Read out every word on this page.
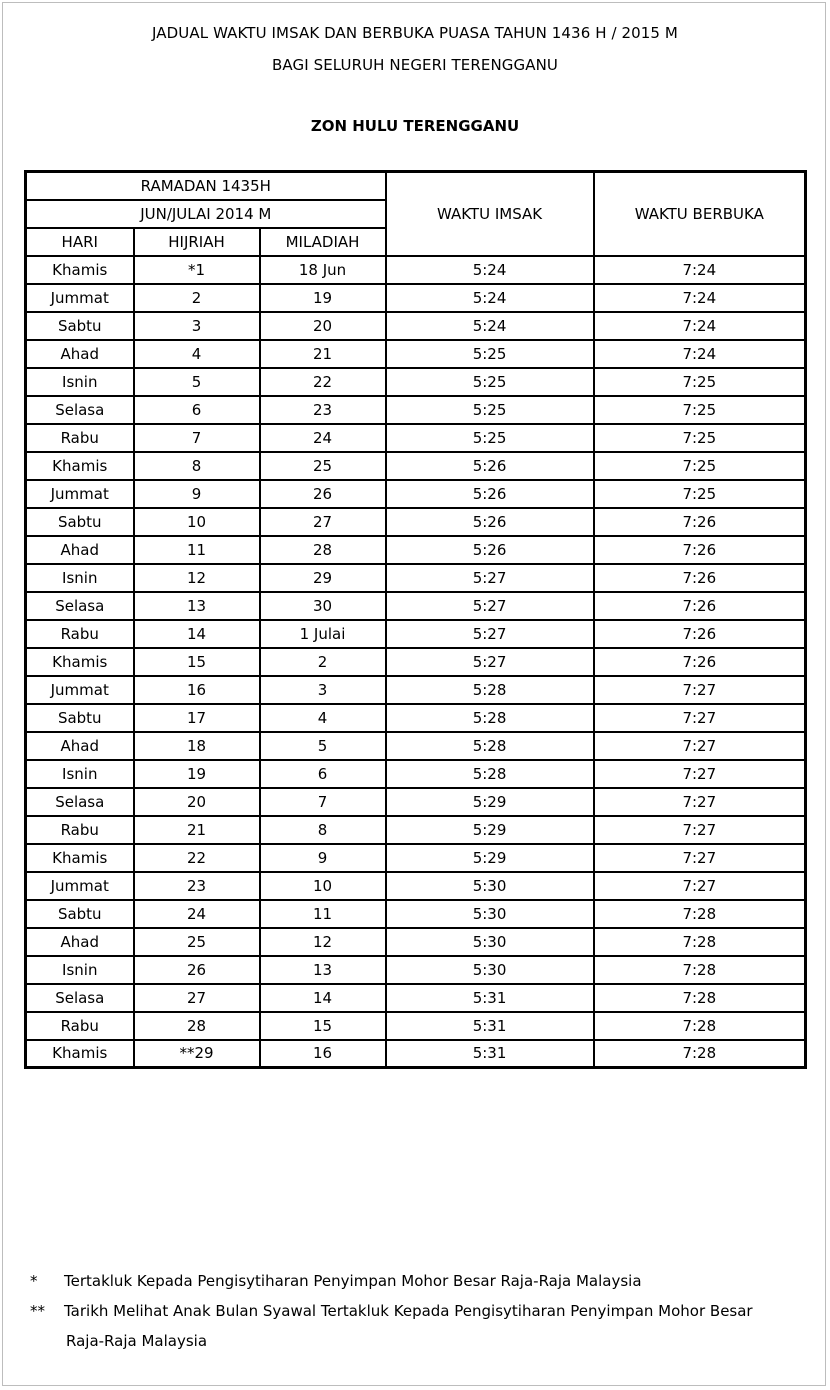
JADUAL WAKTU IMSAK DAN BERBUKA PUASA TAHUN 1436 H / 2015 M
BAGI SELURUH NEGERI TERENGGANU
ZON HULU TERENGGANU
RAMADAN 1435H			WAKTU IMSAK	WAKTU BERBUKA
JUN/JULAI 2014 M				
HARI	HIJRIAH	MILADIAH		
Khamis	*1	18 Jun	5:24	7:24
Jummat	2	19	5:24	7:24
Sabtu	3	20	5:24	7:24
Ahad	4	21	5:25	7:24
Isnin	5	22	5:25	7:25
Selasa	6	23	5:25	7:25
Rabu	7	24	5:25	7:25
Khamis	8	25	5:26	7:25
Jummat	9	26	5:26	7:25
Sabtu	10	27	5:26	7:26
Ahad	11	28	5:26	7:26
Isnin	12	29	5:27	7:26
Selasa	13	30	5:27	7:26
Rabu	14	1 Julai	5:27	7:26
Khamis	15	2	5:27	7:26
Jummat	16	3	5:28	7:27
Sabtu	17	4	5:28	7:27
Ahad	18	5	5:28	7:27
Isnin	19	6	5:28	7:27
Selasa	20	7	5:29	7:27
Rabu	21	8	5:29	7:27
Khamis	22	9	5:29	7:27
Jummat	23	10	5:30	7:27
Sabtu	24	11	5:30	7:28
Ahad	25	12	5:30	7:28
Isnin	26	13	5:30	7:28
Selasa	27	14	5:31	7:28
Rabu	28	15	5:31	7:28
Khamis	**29	16	5:31	7:28
*	Tertakluk Kepada Pengisytiharan Penyimpan Mohor Besar Raja-Raja Malaysia
**	Tarikh Melihat Anak Bulan Syawal Tertakluk Kepada Pengisytiharan Penyimpan Mohor Besar
Raja-Raja Malaysia
